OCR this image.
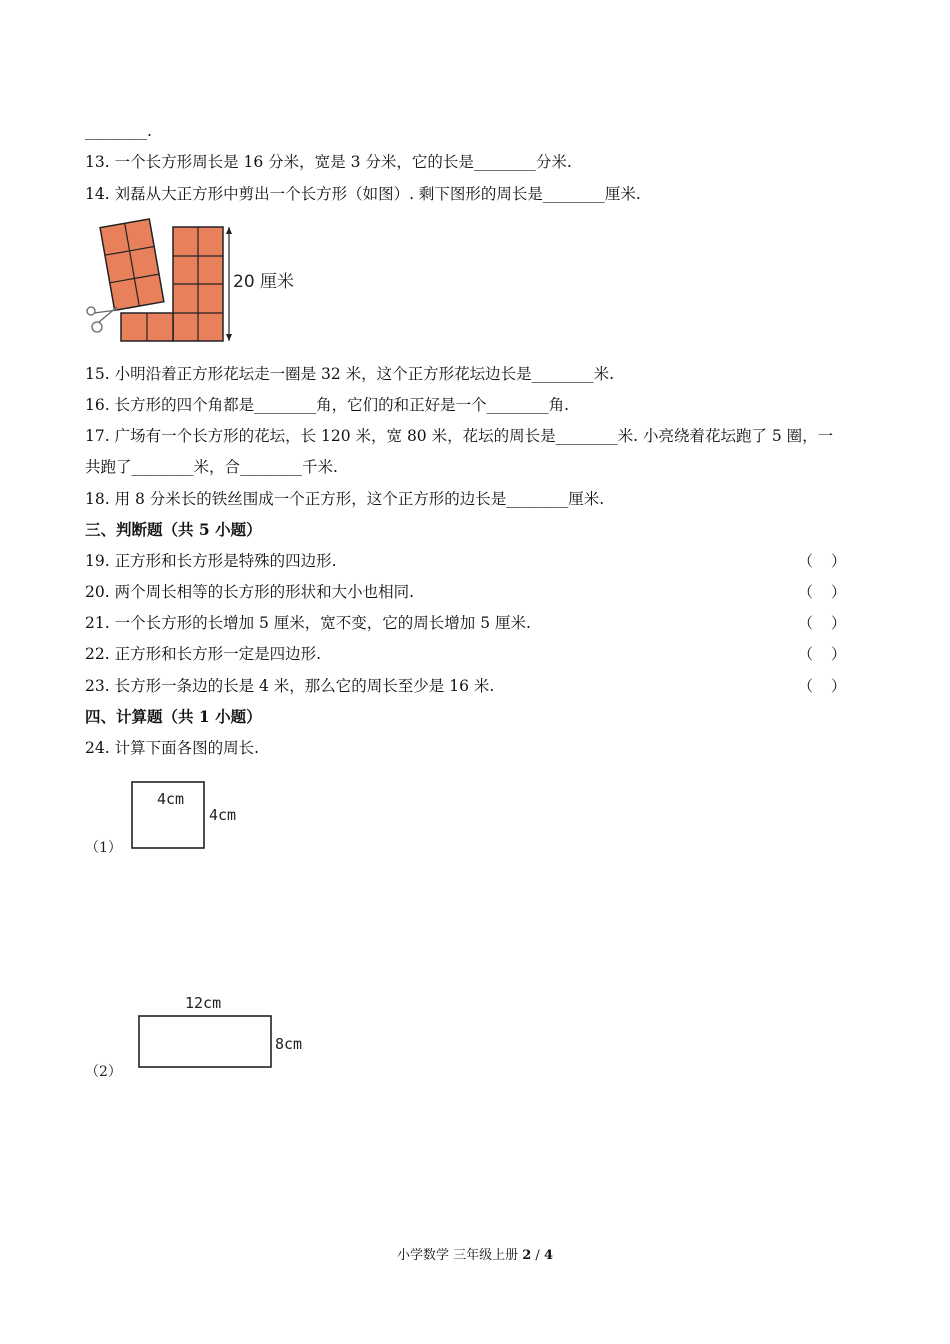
________.
13. 一个长方形周长是 16 分米，宽是 3 分米，它的长是________分米.
14. 刘磊从大正方形中剪出一个长方形（如图）. 剩下图形的周长是________厘米.
20 厘米
15. 小明沿着正方形花坛走一圈是 32 米，这个正方形花坛边长是________米.
16. 长方形的四个角都是________角，它们的和正好是一个________角.
17. 广场有一个长方形的花坛，长 120 米，宽 80 米，花坛的周长是________米. 小亮绕着花坛跑了 5 圈，一
共跑了________米，合________千米.
18. 用 8 分米长的铁丝围成一个正方形，这个正方形的边长是________厘米.
三、判断题（共 5 小题）
19. 正方形和长方形是特殊的四边形.	（ ）
20. 两个周长相等的长方形的形状和大小也相同.	（ ）
21. 一个长方形的长增加 5 厘米，宽不变，它的周长增加 5 厘米.	（ ）
22. 正方形和长方形一定是四边形.	（ ）
23. 长方形一条边的长是 4 米，那么它的周长至少是 16 米.	（ ）
四、计算题（共 1 小题）
24. 计算下面各图的周长.
4cm
4cm
（1）
12cm
8cm
（2）
小学数学 三年级上册 2 / 4
